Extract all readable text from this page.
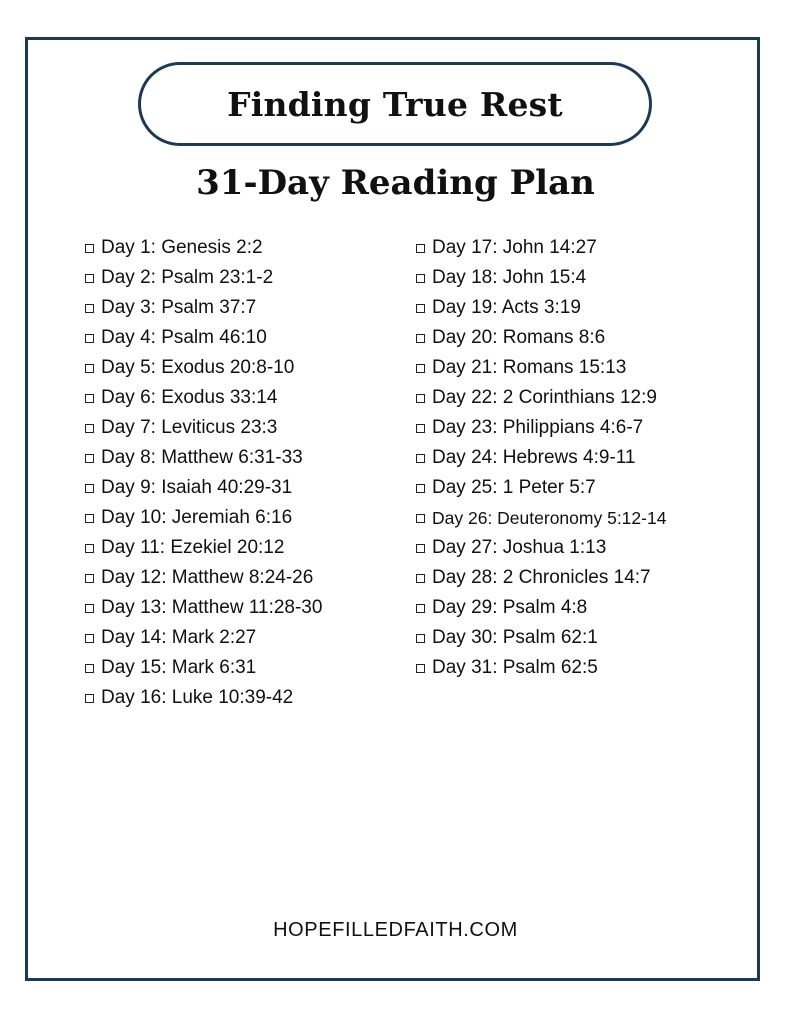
Finding True Rest
31-Day Reading Plan
Day 1: Genesis 2:2
Day 2: Psalm 23:1-2
Day 3: Psalm 37:7
Day 4: Psalm 46:10
Day 5: Exodus 20:8-10
Day 6: Exodus 33:14
Day 7: Leviticus 23:3
Day 8: Matthew 6:31-33
Day 9: Isaiah 40:29-31
Day 10: Jeremiah 6:16
Day 11: Ezekiel 20:12
Day 12: Matthew 8:24-26
Day 13: Matthew 11:28-30
Day 14: Mark 2:27
Day 15: Mark 6:31
Day 16: Luke 10:39-42
Day 17: John 14:27
Day 18: John 15:4
Day 19: Acts 3:19
Day 20: Romans 8:6
Day 21: Romans 15:13
Day 22: 2 Corinthians 12:9
Day 23: Philippians 4:6-7
Day 24: Hebrews 4:9-11
Day 25: 1 Peter 5:7
Day 26: Deuteronomy 5:12-14
Day 27: Joshua 1:13
Day 28: 2 Chronicles 14:7
Day 29: Psalm 4:8
Day 30: Psalm 62:1
Day 31: Psalm 62:5
HOPEFILLEDFAITH.COM
